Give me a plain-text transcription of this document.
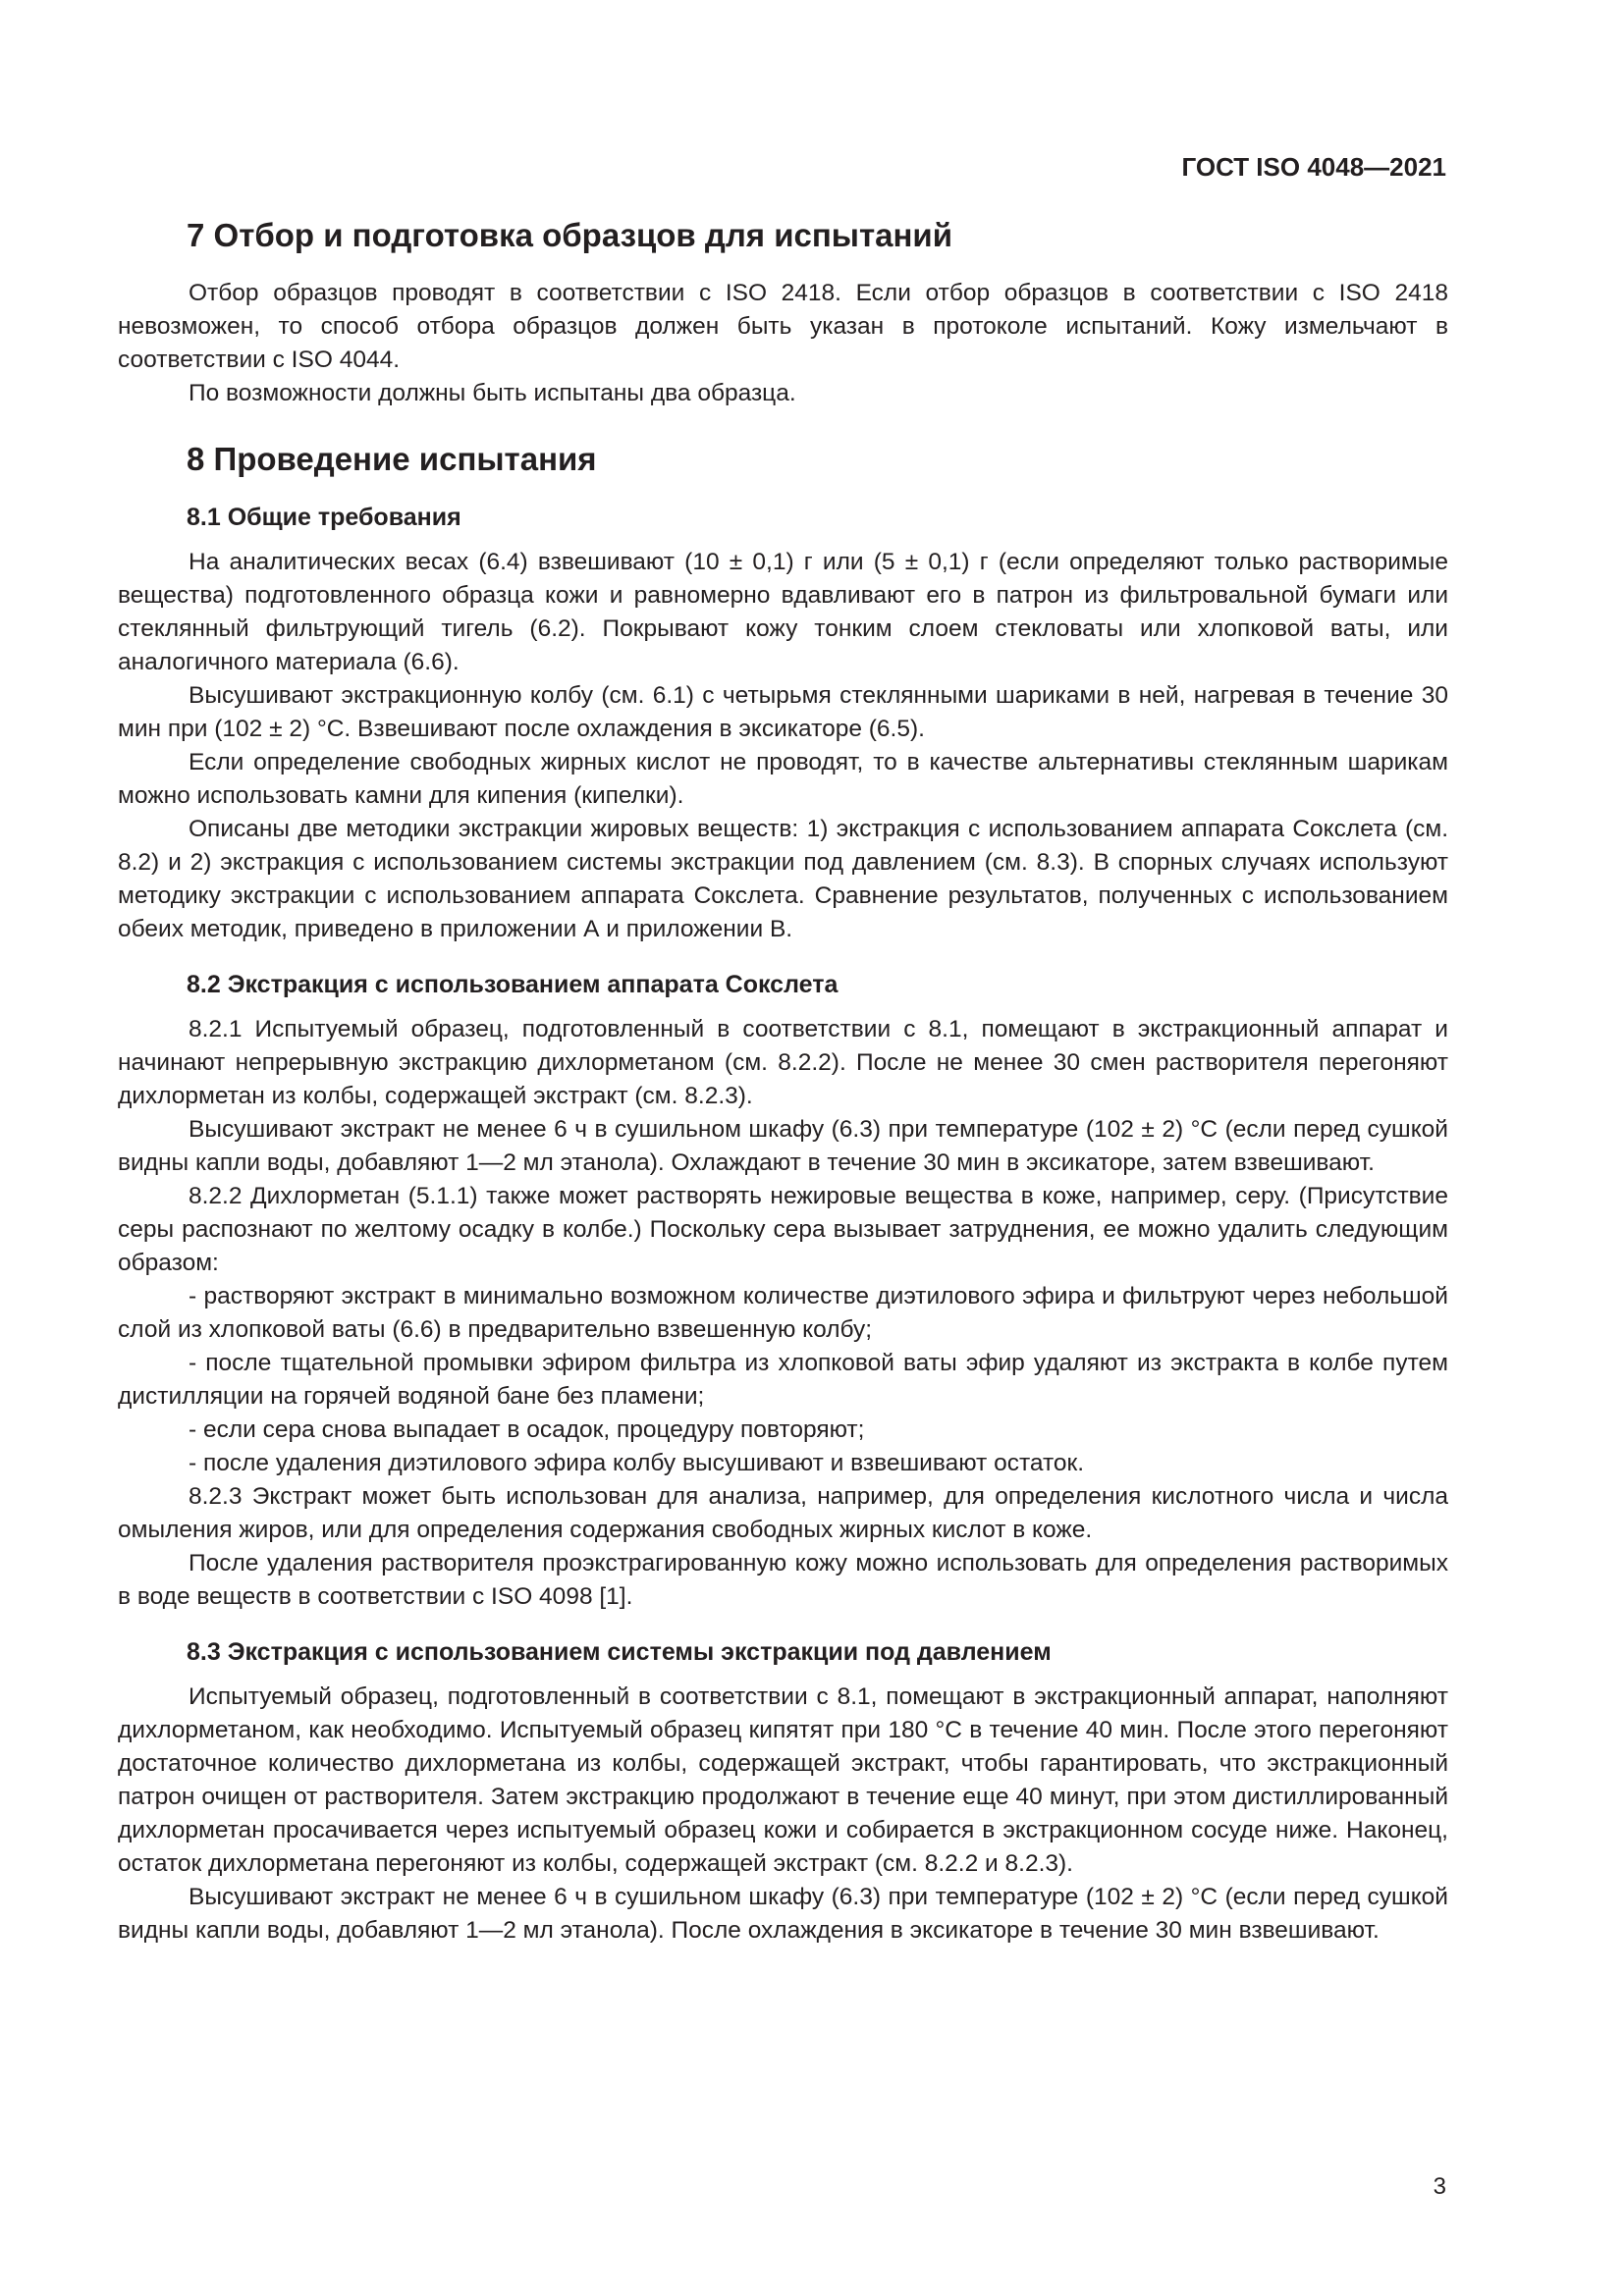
ГОСТ ISO 4048—2021
7 Отбор и подготовка образцов для испытаний

Отбор образцов проводят в соответствии с ISO 2418. Если отбор образцов в соответствии с ISO 2418 невозможен, то способ отбора образцов должен быть указан в протоколе испытаний. Кожу измельчают в соответствии с ISO 4044.

По возможности должны быть испытаны два образца.

8 Проведение испытания
8.1 Общие требования

На аналитических весах (6.4) взвешивают (10 ± 0,1) г или (5 ± 0,1) г (если определяют только растворимые вещества) подготовленного образца кожи и равномерно вдавливают его в патрон из фильтровальной бумаги или стеклянный фильтрующий тигель (6.2). Покрывают кожу тонким слоем стекловаты или хлопковой ваты, или аналогичного материала (6.6).

Высушивают экстракционную колбу (см. 6.1) с четырьмя стеклянными шариками в ней, нагревая в течение 30 мин при (102 ± 2) °С. Взвешивают после охлаждения в эксикаторе (6.5).

Если определение свободных жирных кислот не проводят, то в качестве альтернативы стеклянным шарикам можно использовать камни для кипения (кипелки).

Описаны две методики экстракции жировых веществ: 1) экстракция с использованием аппарата Сокслета (см. 8.2) и 2) экстракция с использованием системы экстракции под давлением (см. 8.3). В спорных случаях используют методику экстракции с использованием аппарата Сокслета. Сравнение результатов, полученных с использованием обеих методик, приведено в приложении А и приложении В.

8.2 Экстракция с использованием аппарата Сокслета

8.2.1 Испытуемый образец, подготовленный в соответствии с 8.1, помещают в экстракционный аппарат и начинают непрерывную экстракцию дихлорметаном (см. 8.2.2). После не менее 30 смен растворителя перегоняют дихлорметан из колбы, содержащей экстракт (см. 8.2.3).

Высушивают экстракт не менее 6 ч в сушильном шкафу (6.3) при температуре (102 ± 2) °С (если перед сушкой видны капли воды, добавляют 1—2 мл этанола). Охлаждают в течение 30 мин в эксикаторе, затем взвешивают.

8.2.2 Дихлорметан (5.1.1) также может растворять нежировые вещества в коже, например, серу. (Присутствие серы распознают по желтому осадку в колбе.) Поскольку сера вызывает затруднения, ее можно удалить следующим образом:

- растворяют экстракт в минимально возможном количестве диэтилового эфира и фильтруют через небольшой слой из хлопковой ваты (6.6) в предварительно взвешенную колбу;

- после тщательной промывки эфиром фильтра из хлопковой ваты эфир удаляют из экстракта в колбе путем дистилляции на горячей водяной бане без пламени;

- если сера снова выпадает в осадок, процедуру повторяют;

- после удаления диэтилового эфира колбу высушивают и взвешивают остаток.

8.2.3 Экстракт может быть использован для анализа, например, для определения кислотного числа и числа омыления жиров, или для определения содержания свободных жирных кислот в коже.

После удаления растворителя проэкстрагированную кожу можно использовать для определения растворимых в воде веществ в соответствии с ISO 4098 [1].

8.3 Экстракция с использованием системы экстракции под давлением

Испытуемый образец, подготовленный в соответствии с 8.1, помещают в экстракционный аппарат, наполняют дихлорметаном, как необходимо. Испытуемый образец кипятят при 180 °С в течение 40 мин. После этого перегоняют достаточное количество дихлорметана из колбы, содержащей экстракт, чтобы гарантировать, что экстракционный патрон очищен от растворителя. Затем экстракцию продолжают в течение еще 40 минут, при этом дистиллированный дихлорметан просачивается через испытуемый образец кожи и собирается в экстракционном сосуде ниже. Наконец, остаток дихлорметана перегоняют из колбы, содержащей экстракт (см. 8.2.2 и 8.2.3).

Высушивают экстракт не менее 6 ч в сушильном шкафу (6.3) при температуре (102 ± 2) °С (если перед сушкой видны капли воды, добавляют 1—2 мл этанола). После охлаждения в эксикаторе в течение 30 мин взвешивают.

3
